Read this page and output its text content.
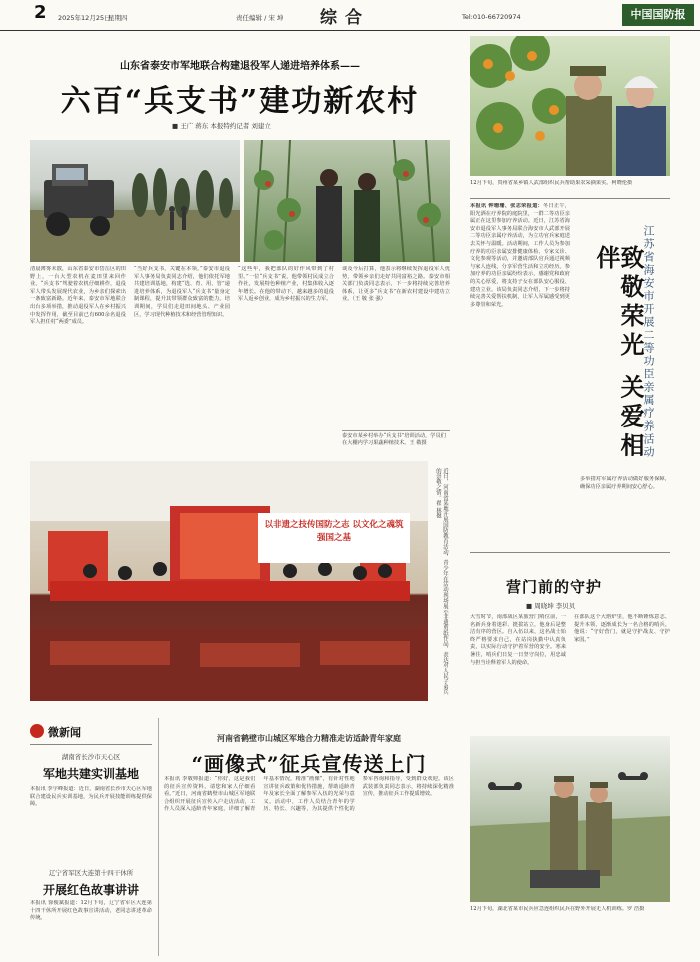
2 2025年12月25日
星期四	责任编辑 / 宋 坤 综合	Tel:010-66720974	中国国防报
山东省泰安市军地联合构建退役军人递进培养体系——
六百“兵支书”建功新农村
■ 王广 蒋东 本报特约记者 刘建立
清晨薄雾未散，山东省泰安市岱岳区的田野上，一台大型农机在麦田里来回作业。“兵支书”驾驶着农机仔细耕作，退役军人带头发展现代农业，为乡亲们探索出一条致富新路。近年来，泰安市军地联合出台多项举措，推动退役军人在乡村振兴中发挥作用，截至目前已有600余名退役军人担任村“两委”成员。
“当好兵支书，关键在本领。”泰安市退役军人事务局负责同志介绍，他们依托军地共建培训基地，构建“选、育、用、管”递进培养体系，为退役军人“兵支书”量身定制课程，提升其带领群众致富的能力。培训期间，学员们走进田间地头、产业园区，学习现代种植技术和经营管理知识。
“这些年，我把部队的好作风带到了村里。”一位“兵支书”说，他带领村民成立合作社，发展特色种植产业，村集体收入逐年增长。在他的带动下，越来越多的退役军人返乡创业，成为乡村振兴的生力军。
谈及今后打算，他表示将继续发挥退役军人优势，带领乡亲们走好共同富裕之路。泰安市相关部门负责同志表示，下一步将持续完善培养体系，让更多“兵支书”在新农村建设中建功立业。（王 敬 张 强）
泰安市某乡村举办“兵支书”培训活动，学员们在大棚内学习果蔬种植技术。王 敬摄
12月下旬，贵州省某乡镇人武部组织民兵帮助果农采摘果实。柯晓伦摄
本报讯 钟珊珊、张志荣报道：冬日正午，阳光洒在疗养院的庭院里，一群二等功臣亲属正在这里参加疗养活动。近日，江苏省海安市退役军人事务局联合海安市人武部开展二等功臣亲属疗养活动，为立功官兵家庭送去关怀与温暖。活动期间，工作人员为参加疗养的功臣亲属安排健康体检、专家义诊、文化参观等活动，并邀请部队官兵通过视频与家人连线，分享军营生活和立功经历。参加疗养的功臣亲属纷纷表示，感谢党和政府的关心厚爱，将支持子女在部队安心服役、建功立业。该局负责同志介绍，下一步将持续完善关爱帮扶机制，让军人军属感受到更多尊崇和荣光。	江苏省海安市开展二等功臣亲属疗养活动
致敬荣光 关爱相伴
多举措对军属疗养活动做好服务保障，确保功臣亲属疗养期间安心舒心。
以非遗之技传国防之志 以文化之魂筑强国之基	近日，河南省某地开展国防教育活动，青少年在活动现场展示非遗剪纸作品，表达对人民子弟兵的崇敬之情。翟 林摄
营门前的守护
■ 周晓坤 李贝贝
大雪时节，南部战区某旅营门哨位前，一名新兵身着迷彩、挺拔站立，他身后是整洁有序的营区。自入伍以来，这名战士始终严格要求自己，在站岗执勤中认真负责，以实际行动守护着军营的安全。寒来暑往，哨兵们日复一日坚守岗位，用忠诚与担当诠释着军人的使命。
在部队这个大熔炉里，他不断锤炼意志、提升本领，逐渐成长为一名合格的哨兵。他说：“守好营门，就是守护战友、守护家国。”
12月下旬，湖北省某市民兵应急连组织民兵在野外开展无人机训练。罗 浩摄
微新闻
湖南省长沙市天心区
军地共建实训基地
本报讯 李宇峰报道：近日，湖南省长沙市天心区军地联合建设民兵实训基地，为民兵开展技能训练提供保障。
辽宁省军区大连第十四干休所
开展红色故事讲讲
本报讯 徐俊斌报道：12月下旬，辽宁省军区大连第十四干休所开展红色故事宣讲活动，老同志讲述革命传统。
河南省鹤壁市山城区军地合力精准走访适龄青年家庭
“画像式”征兵宣传送上门
本报讯 李敬帅报道：“你好，这是我们的征兵宣传资料，请您和家人仔细看看。”近日，河南省鹤壁市山城区军地联合组织开展征兵宣传入户走访活动，工作人员深入适龄青年家庭，详细了解青年基本情况，精准“画像”，有针对性地宣讲征兵政策和优待措施，帮助适龄青年及家长全面了解参军入伍的光荣与意义。活动中，工作人员结合青年的学历、特长、兴趣等，为其提供个性化的参军咨询和指导，受到群众欢迎。该区武装部负责同志表示，将持续深化精准宣传，推动征兵工作提质增效。
